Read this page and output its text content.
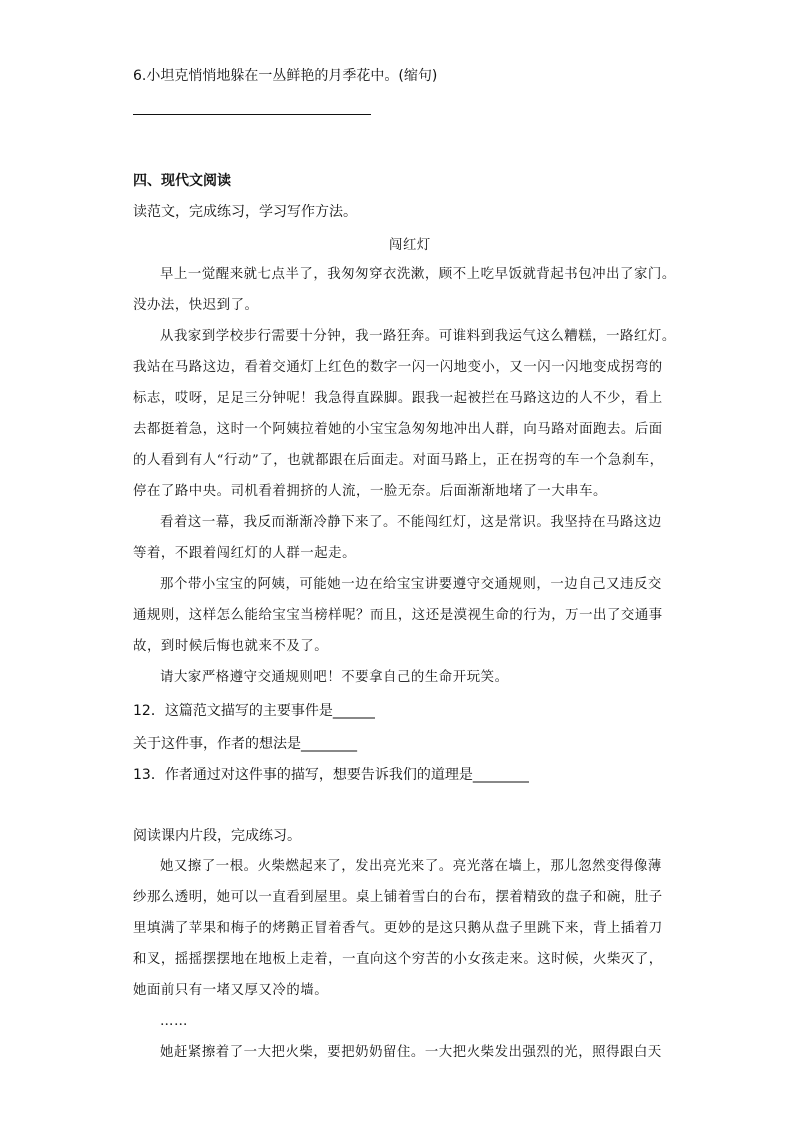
6.小坦克悄悄地躲在一丛鲜艳的月季花中。(缩句)
四、现代文阅读
读范文，完成练习，学习写作方法。
闯红灯
早上一觉醒来就七点半了，我匆匆穿衣洗漱，顾不上吃早饭就背起书包冲出了家门。
没办法，快迟到了。
从我家到学校步行需要十分钟，我一路狂奔。可谁料到我运气这么糟糕，一路红灯。
我站在马路这边，看着交通灯上红色的数字一闪一闪地变小，又一闪一闪地变成拐弯的
标志，哎呀，足足三分钟呢！我急得直跺脚。跟我一起被拦在马路这边的人不少，看上
去都挺着急，这时一个阿姨拉着她的小宝宝急匆匆地冲出人群，向马路对面跑去。后面
的人看到有人“行动”了，也就都跟在后面走。对面马路上，正在拐弯的车一个急刹车，
停在了路中央。司机看着拥挤的人流，一脸无奈。后面渐渐地堵了一大串车。
看着这一幕，我反而渐渐冷静下来了。不能闯红灯，这是常识。我坚持在马路这边
等着，不跟着闯红灯的人群一起走。
那个带小宝宝的阿姨，可能她一边在给宝宝讲要遵守交通规则，一边自己又违反交
通规则，这样怎么能给宝宝当榜样呢？而且，这还是漠视生命的行为，万一出了交通事
故，到时候后悔也就来不及了。
请大家严格遵守交通规则吧！不要拿自己的生命开玩笑。
12．这篇范文描写的主要事件是______
关于这件事，作者的想法是________
13．作者通过对这件事的描写，想要告诉我们的道理是________
阅读课内片段，完成练习。
她又擦了一根。火柴燃起来了，发出亮光来了。亮光落在墙上，那儿忽然变得像薄
纱那么透明，她可以一直看到屋里。桌上铺着雪白的台布，摆着精致的盘子和碗，肚子
里填满了苹果和梅子的烤鹅正冒着香气。更妙的是这只鹅从盘子里跳下来，背上插着刀
和叉，摇摇摆摆地在地板上走着，一直向这个穷苦的小女孩走来。这时候，火柴灭了，
她面前只有一堵又厚又冷的墙。
……
她赶紧擦着了一大把火柴，要把奶奶留住。一大把火柴发出强烈的光，照得跟白天
